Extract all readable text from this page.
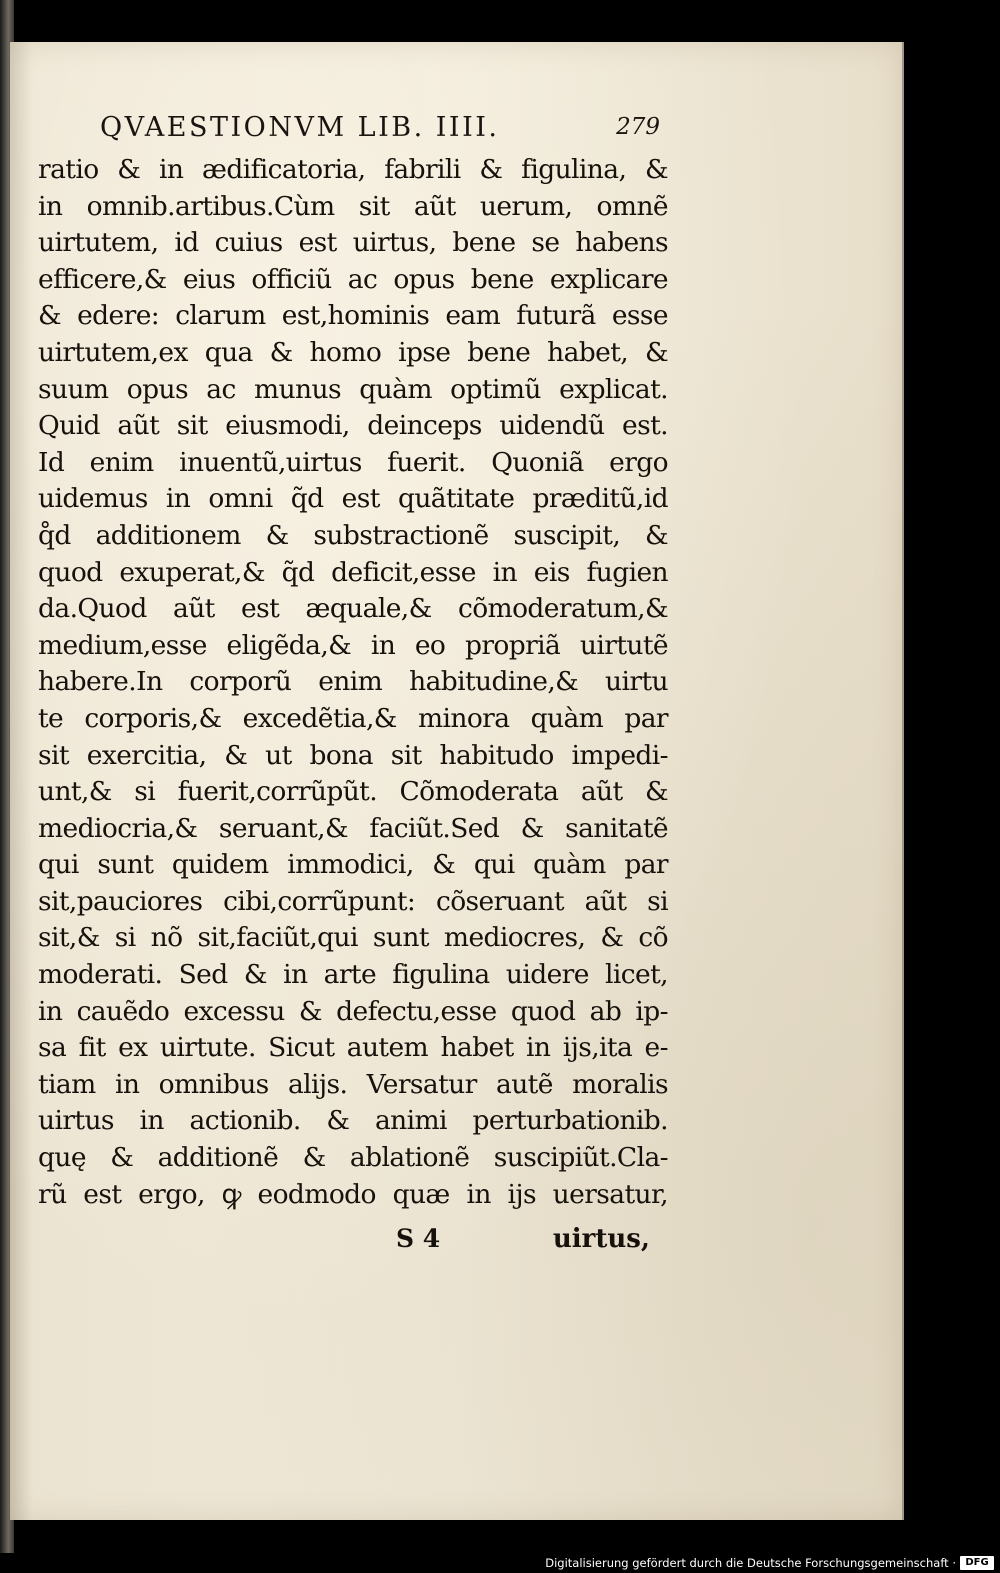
QVAESTIONVM LIB. IIII.	279
ratio & in ædificatoria, fabrili & figulina, &
in omnib.artibus.Cùm sit aũt uerum, omnẽ
uirtutem, id cuius est uirtus, bene se habens
efficere,& eius officiũ ac opus bene explicare
& edere: clarum est,hominis eam futurã esse
uirtutem,ex qua & homo ipse bene habet, &
suum opus ac munus quàm optimũ explicat.
Quid aũt sit eiusmodi, deinceps uidendũ est.
Id enim inuentũ,uirtus fuerit. Quoniã ergo
uidemus in omni q̃d est quãtitate præditũ,id
q̊d additionem & substractionẽ suscipit, &
quod exuperat,& q̃d deficit,esse in eis fugien
da.Quod aũt est æquale,& cõmoderatum,&
medium,esse eligẽda,& in eo propriã uirtutẽ
habere.In corporũ enim habitudine,& uirtu
te corporis,& excedẽtia,& minora quàm par
sit exercitia, & ut bona sit habitudo impedi-
unt,& si fuerit,corrũpũt. Cõmoderata aũt &
mediocria,& seruant,& faciũt.Sed & sanitatẽ
qui sunt quidem immodici, & qui quàm par
sit,pauciores cibi,corrũpunt: cõseruant aũt si
sit,& si nõ sit,faciũt,qui sunt mediocres, & cõ
moderati. Sed & in arte figulina uidere licet,
in cauẽdo excessu & defectu,esse quod ab ip-
sa fit ex uirtute. Sicut autem habet in ijs,ita e-
tiam in omnibus alijs. Versatur autẽ moralis
uirtus in actionib. & animi perturbationib.
quę & additionẽ & ablationẽ suscipiũt.Cla-
rũ est ergo, ꝙ eodmodo quæ in ijs uersatur,
S 4	uirtus,
Digitalisierung gefördert durch die Deutsche Forschungsgemeinschaft · DFG
